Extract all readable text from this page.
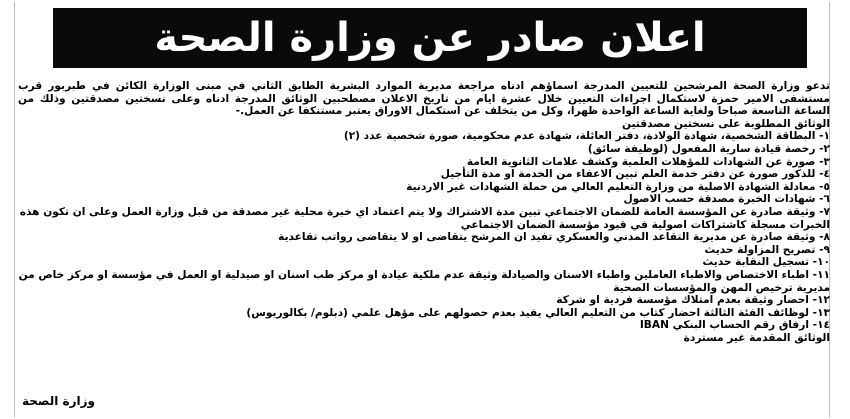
اعلان صادر عن وزارة الصحة

تدعو وزارة الصحة المرشحين للتعيين المدرجة اسماؤهم ادناه مراجعة مديرية الموارد البشرية الطابق الثاني في مبنى الوزارة الكائن في طبربور قرب مستشفى الامير حمزة لاستكمال اجراءات التعيين خلال عشرة ايام من تاريخ الاعلان مصطحبين الوثائق المدرجة ادناه وعلى نسختين مصدقتين وذلك من الساعة التاسعة صباحا ولغاية الساعة الواحدة ظهرا، وكل من يتخلف عن استكمال الاوراق يعتبر مستنكفا عن العمل.-

الوثائق المطلوبة على نسختين مصدقتين

١- البطاقة الشخصية، شهادة الولادة، دفتر العائلة، شهادة عدم محكومية، صورة شخصية عدد (٢)

٢- رخصة قيادة سارية المفعول (لوظيفة سائق)

٣- صورة عن الشهادات للمؤهلات العلمية وكشف علامات الثانوية العامة

٤- للذكور صورة عن دفتر خدمة العلم تبين الاعفاء من الخدمة او مدة التأجيل

٥- معادلة الشهادة الاصلية من وزارة التعليم العالي من حملة الشهادات غير الاردنية

٦- شهادات الخبرة مصدقة حسب الاصول

٧- وثيقة صادرة عن المؤسسة العامة للضمان الاجتماعي تبين مدة الاشتراك ولا يتم اعتماد اي خبرة محلية غير مصدقة من قبل وزارة العمل وعلى ان تكون هذه الخبرات مسجلة كاشتراكات اصولية في قيود مؤسسة الضمان الاجتماعي

٨- وثيقة صادرة عن مديرية التقاعد المدني والعسكري تفيد ان المرشح يتقاضى او لا يتقاضى رواتب تقاعدية

٩- تصريح المزاولة حديث

١٠- تسجيل النقابة حديث

١١- اطباء الاختصاص والاطباء العاملين واطباء الاسنان والصيادلة وثيقة عدم ملكية عيادة او مركز طب اسنان او صيدلية او العمل في مؤسسة او مركز خاص من مديرية ترخيص المهن والمؤسسات الصحية

١٢- احضار وثيقة بعدم امتلاك مؤسسة فردية او شركة

١٣- لوظائف الفئة الثالثة احضار كتاب من التعليم العالي يفيد بعدم حصولهم على مؤهل علمي (دبلوم/ بكالوريوس)

١٤- ارفاق رقم الحساب البنكي IBAN

الوثائق المقدمة غير مستردة

وزارة الصحة
